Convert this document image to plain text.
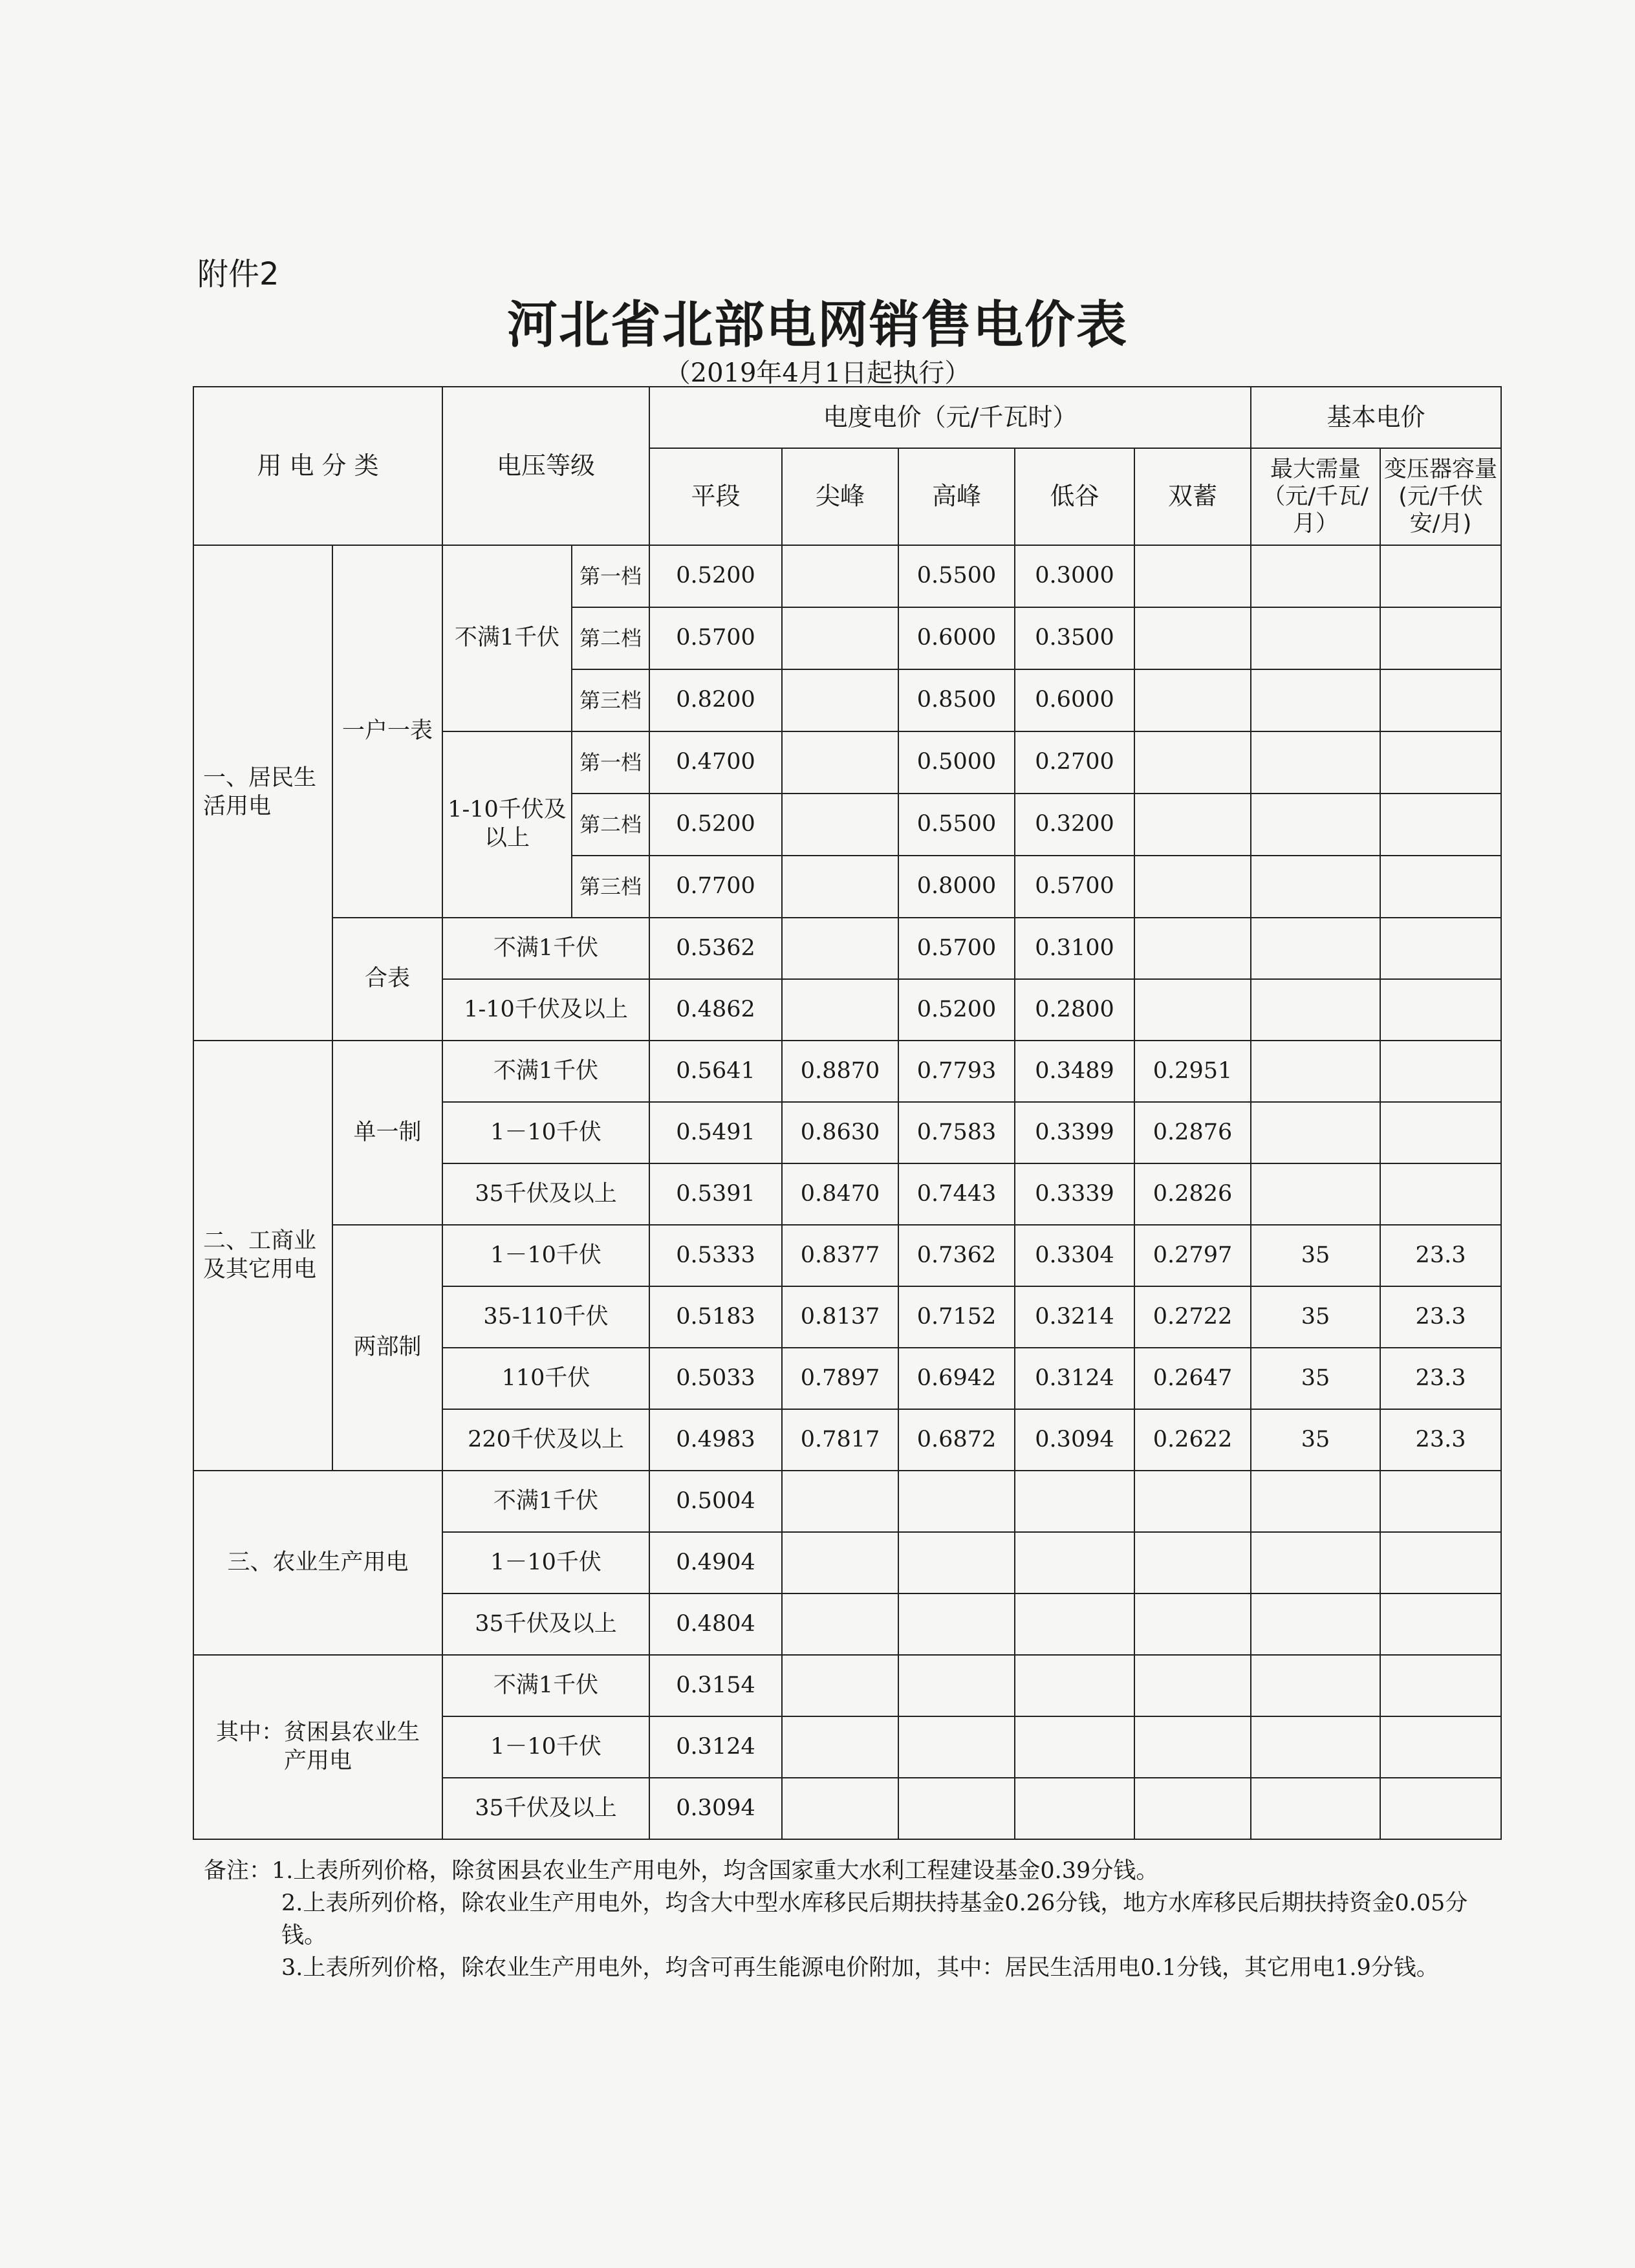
附件2
河北省北部电网销售电价表
（2019年4月1日起执行）
用 电 分 类		电压等级		电度电价（元/千瓦时）					基本电价	
				平段	尖峰	高峰	低谷	双蓄	最大需量（元/千瓦/月）	变压器容量(元/千伏安/月)
一、居民生活用电	一户一表	不满1千伏	第一档	0.5200		0.5500	0.3000			
			第二档	0.5700		0.6000	0.3500			
			第三档	0.8200		0.8500	0.6000			
		1-10千伏及以上	第一档	0.4700		0.5000	0.2700			
			第二档	0.5200		0.5500	0.3200			
			第三档	0.7700		0.8000	0.5700			
	合表	不满1千伏		0.5362		0.5700	0.3100			
		1-10千伏及以上		0.4862		0.5200	0.2800			
二、工商业及其它用电	单一制	不满1千伏		0.5641	0.8870	0.7793	0.3489	0.2951		
		1－10千伏		0.5491	0.8630	0.7583	0.3399	0.2876		
		35千伏及以上		0.5391	0.8470	0.7443	0.3339	0.2826		
	两部制	1－10千伏		0.5333	0.8377	0.7362	0.3304	0.2797	35	23.3
		35-110千伏		0.5183	0.8137	0.7152	0.3214	0.2722	35	23.3
		110千伏		0.5033	0.7897	0.6942	0.3124	0.2647	35	23.3
		220千伏及以上		0.4983	0.7817	0.6872	0.3094	0.2622	35	23.3
三、农业生产用电		不满1千伏		0.5004						
		1－10千伏		0.4904						
		35千伏及以上		0.4804						
其中：贫困县农业生产用电		不满1千伏		0.3154						
		1－10千伏		0.3124						
		35千伏及以上		0.3094						

备注：1.上表所列价格，除贫困县农业生产用电外，均含国家重大水利工程建设基金0.39分钱。

2.上表所列价格，除农业生产用电外，均含大中型水库移民后期扶持基金0.26分钱，地方水库移民后期扶持资金0.05分钱。

3.上表所列价格，除农业生产用电外，均含可再生能源电价附加，其中：居民生活用电0.1分钱，其它用电1.9分钱。
